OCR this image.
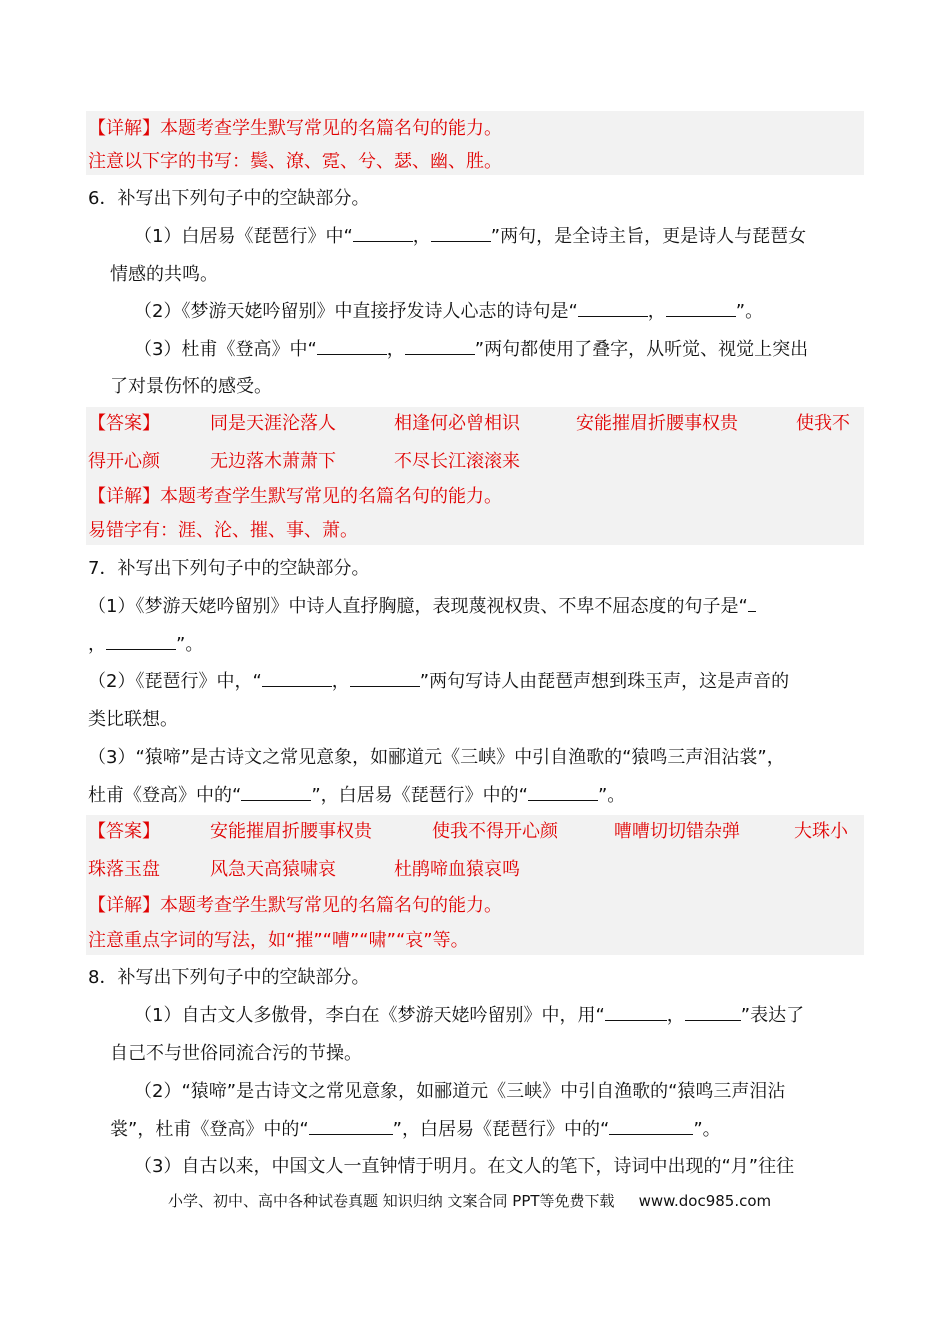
【详解】本题考查学生默写常见的名篇名句的能力。
注意以下字的书写：鬓、潦、霓、兮、瑟、幽、胜。
6．补写出下列句子中的空缺部分。
（1）白居易《琵琶行》中“	，	”两句，是全诗主旨，更是诗人与琵琶女
情感的共鸣。
（2）《梦游天姥吟留别》中直接抒发诗人心志的诗句是“	，	”。
（3）杜甫《登高》中“	，	”两句都使用了叠字，从听觉、视觉上突出
了对景伤怀的感受。
【答案】	同是天涯沦落人	相逢何必曾相识	安能摧眉折腰事权贵	使我不
得开心颜	无边落木萧萧下	不尽长江滚滚来
【详解】本题考查学生默写常见的名篇名句的能力。
易错字有：涯、沦、摧、事、萧。
7．补写出下列句子中的空缺部分。
（1）《梦游天姥吟留别》中诗人直抒胸臆，表现蔑视权贵、不卑不屈态度的句子是“
，	”。
（2）《琵琶行》中，“	，	”两句写诗人由琵琶声想到珠玉声，这是声音的
类比联想。
（3）“猿啼”是古诗文之常见意象，如郦道元《三峡》中引自渔歌的“猿鸣三声泪沾裳”，
杜甫《登高》中的“	”，白居易《琵琶行》中的“	”。
【答案】	安能摧眉折腰事权贵	使我不得开心颜	嘈嘈切切错杂弹	大珠小
珠落玉盘	风急天高猿啸哀	杜鹃啼血猿哀鸣
【详解】本题考查学生默写常见的名篇名句的能力。
注意重点字词的写法，如“摧”“嘈”“啸”“哀”等。
8．补写出下列句子中的空缺部分。
（1）自古文人多傲骨，李白在《梦游天姥吟留别》中，用“	，	”表达了
自己不与世俗同流合污的节操。
（2）“猿啼”是古诗文之常见意象，如郦道元《三峡》中引自渔歌的“猿鸣三声泪沾
裳”，杜甫《登高》中的“	”，白居易《琵琶行》中的“	”。
（3）自古以来，中国文人一直钟情于明月。在文人的笔下，诗词中出现的“月”往往
小学、初中、高中各种试卷真题 知识归纳 文案合同 PPT等免费下载 www.doc985.com
